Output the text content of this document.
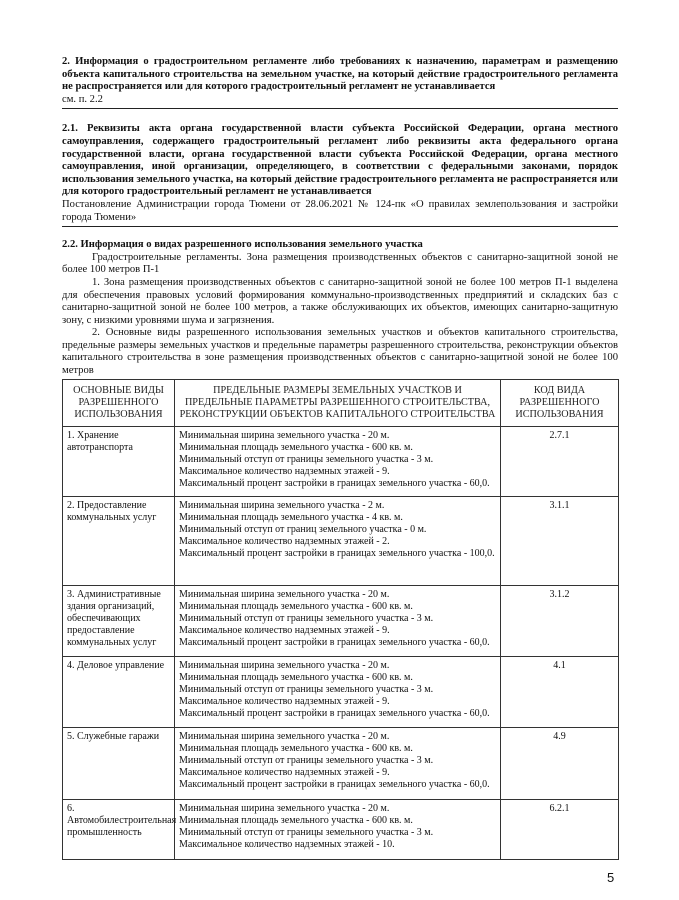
2. Информация о градостроительном регламенте либо требованиях к назначению, параметрам и размещению объекта капитального строительства на земельном участке, на который действие градостроительного регламента не распространяется или для которого градостроительный регламент не устанавливается
см. п. 2.2
2.1. Реквизиты акта органа государственной власти субъекта Российской Федерации, органа местного самоуправления, содержащего градостроительный регламент либо реквизиты акта федерального органа государственной власти, органа государственной власти субъекта Российской Федерации, органа местного самоуправления, иной организации, определяющего, в соответствии с федеральными законами, порядок использования земельного участка, на который действие градостроительного регламента не распространяется или для которого градостроительный регламент не устанавливается
Постановление Администрации города Тюмени от 28.06.2021 № 124-пк «О правилах землепользования и застройки города Тюмени»
2.2. Информация о видах разрешенного использования земельного участка
Градостроительные регламенты. Зона размещения производственных объектов с санитарно-защитной зоной не более 100 метров П-1
1. Зона размещения производственных объектов с санитарно-защитной зоной не более 100 метров П-1 выделена для обеспечения правовых условий формирования коммунально-производственных предприятий и складских баз с санитарно-защитной зоной не более 100 метров, а также обслуживающих их объектов, имеющих санитарно-защитную зону, с низкими уровнями шума и загрязнения.
2. Основные виды разрешенного использования земельных участков и объектов капитального строительства, предельные размеры земельных участков и предельные параметры разрешенного строительства, реконструкции объектов капитального строительства в зоне размещения производственных объектов с санитарно-защитной зоной не более 100 метров
ОСНОВНЫЕ ВИДЫ РАЗРЕШЕННОГО ИСПОЛЬЗОВАНИЯ	ПРЕДЕЛЬНЫЕ РАЗМЕРЫ ЗЕМЕЛЬНЫХ УЧАСТКОВ И ПРЕДЕЛЬНЫЕ ПАРАМЕТРЫ РАЗРЕШЕННОГО СТРОИТЕЛЬСТВА, РЕКОНСТРУКЦИИ ОБЪЕКТОВ КАПИТАЛЬНОГО СТРОИТЕЛЬСТВА	КОД ВИДА РАЗРЕШЕННОГО ИСПОЛЬЗОВАНИЯ
1. Хранение автотранспорта	Минимальная ширина земельного участка - 20 м.
Минимальная площадь земельного участка - 600 кв. м.
Минимальный отступ от границы земельного участка - 3 м.
Максимальное количество надземных этажей - 9.
Максимальный процент застройки в границах земельного участка - 60,0.	2.7.1
2. Предоставление коммунальных услуг	Минимальная ширина земельного участка - 2 м.
Минимальная площадь земельного участка - 4 кв. м.
Минимальный отступ от границ земельного участка - 0 м.
Максимальное количество надземных этажей - 2.
Максимальный процент застройки в границах земельного участка - 100,0.	3.1.1
3. Административные здания организаций, обеспечивающих предоставление коммунальных услуг	Минимальная ширина земельного участка - 20 м.
Минимальная площадь земельного участка - 600 кв. м.
Минимальный отступ от границы земельного участка - 3 м.
Максимальное количество надземных этажей - 9.
Максимальный процент застройки в границах земельного участка - 60,0.	3.1.2
4. Деловое управление	Минимальная ширина земельного участка - 20 м.
Минимальная площадь земельного участка - 600 кв. м.
Минимальный отступ от границы земельного участка - 3 м.
Максимальное количество надземных этажей - 9.
Максимальный процент застройки в границах земельного участка - 60,0.	4.1
5. Служебные гаражи	Минимальная ширина земельного участка - 20 м.
Минимальная площадь земельного участка - 600 кв. м.
Минимальный отступ от границы земельного участка - 3 м.
Максимальное количество надземных этажей - 9.
Максимальный процент застройки в границах земельного участка - 60,0.	4.9
6. Автомобилестроительная промышленность	Минимальная ширина земельного участка - 20 м.
Минимальная площадь земельного участка - 600 кв. м.
Минимальный отступ от границы земельного участка - 3 м.
Максимальное количество надземных этажей - 10.	6.2.1
5
